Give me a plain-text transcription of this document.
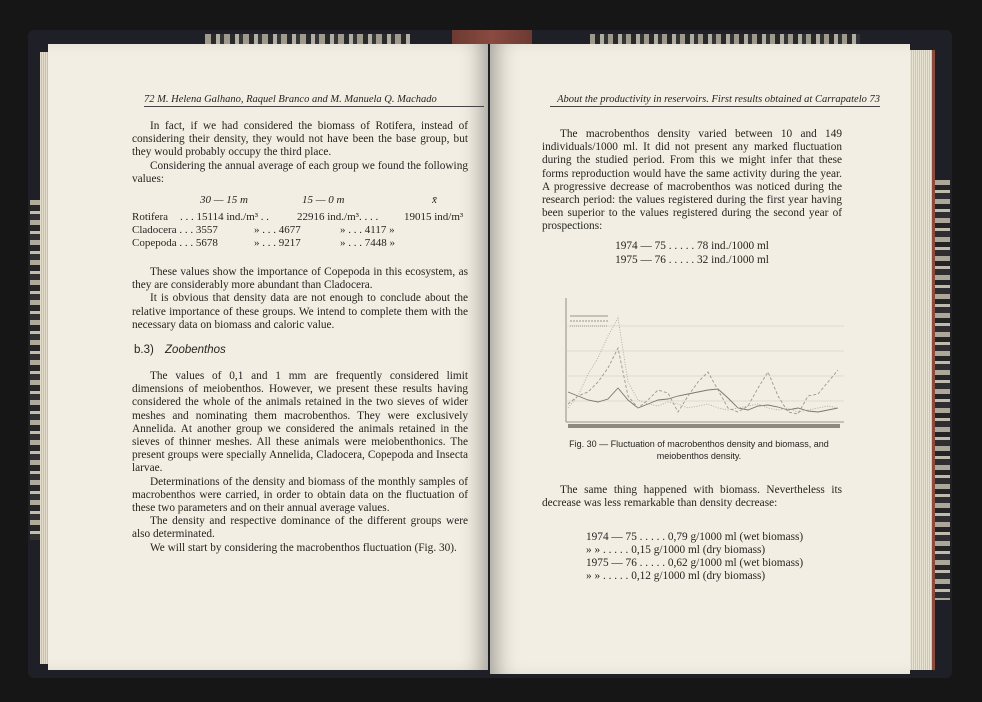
72 M. Helena Galhano, Raquel Branco and M. Manuela Q. Machado

In fact, if we had considered the biomass of Rotifera, instead of considering their density, they would not have been the base group, but they would probably occupy the third place.

Considering the annual average of each group we found the following values:

30 — 15 m	15 — 0 m	x̄
Rotifera . . . 15114 ind./m³ . .	22916 ind./m³. . . . 19015 ind/m³
Cladocera . . . 3557	» . . . 4677	» . . . 4117 »
Copepoda . . . 5678	» . . . 9217	» . . . 7448 »

These values show the importance of Copepoda in this ecosystem, as they are considerably more abundant than Cladocera.

It is obvious that density data are not enough to conclude about the relative importance of these groups. We intend to complete them with the necessary data on biomass and caloric value.

b.3) Zoobenthos

The values of 0,1 and 1 mm are frequently considered limit dimensions of meiobenthos. However, we present these results having considered the whole of the animals retained in the two sieves of wider meshes and nominating them macrobenthos. They were exclusively Annelida. At another group we considered the animals retained in the sieves of thinner meshes. All these animals were meiobenthonics. The present groups were specially Annelida, Cladocera, Copepoda and Insecta larvae.

Determinations of the density and biomass of the monthly samples of macrobenthos were carried, in order to obtain data on the fluctuation of these two parameters and on their annual average values.

The density and respective dominance of the different groups were also determinated.

We will start by considering the macrobenthos fluctuation (Fig. 30).

About the productivity in reservoirs. First results obtained at Carrapatelo 73

The macrobenthos density varied between 10 and 149 individuals/1000 ml. It did not present any marked fluctuation during the studied period. From this we might infer that these forms reproduction would have the same activity during the year. A progressive decrease of macrobenthos was noticed during the research period: the values registered during the first year having been superior to the values registered during the second year of prospections:

1974 — 75 . . . . . 78 ind./1000 ml
1975 — 76 . . . . . 32 ind./1000 ml
Fig. 30 — Fluctuation of macrobenthos density and biomass, and meiobenthos density.

The same thing happened with biomass. Nevertheless its decrease was less remarkable than density decrease:

1974 — 75 . . . . . 0,79 g/1000 ml (wet biomass)
» » . . . . . 0,15 g/1000 ml (dry biomass)
1975 — 76 . . . . . 0,62 g/1000 ml (wet biomass)
» » . . . . . 0,12 g/1000 ml (dry biomass)
